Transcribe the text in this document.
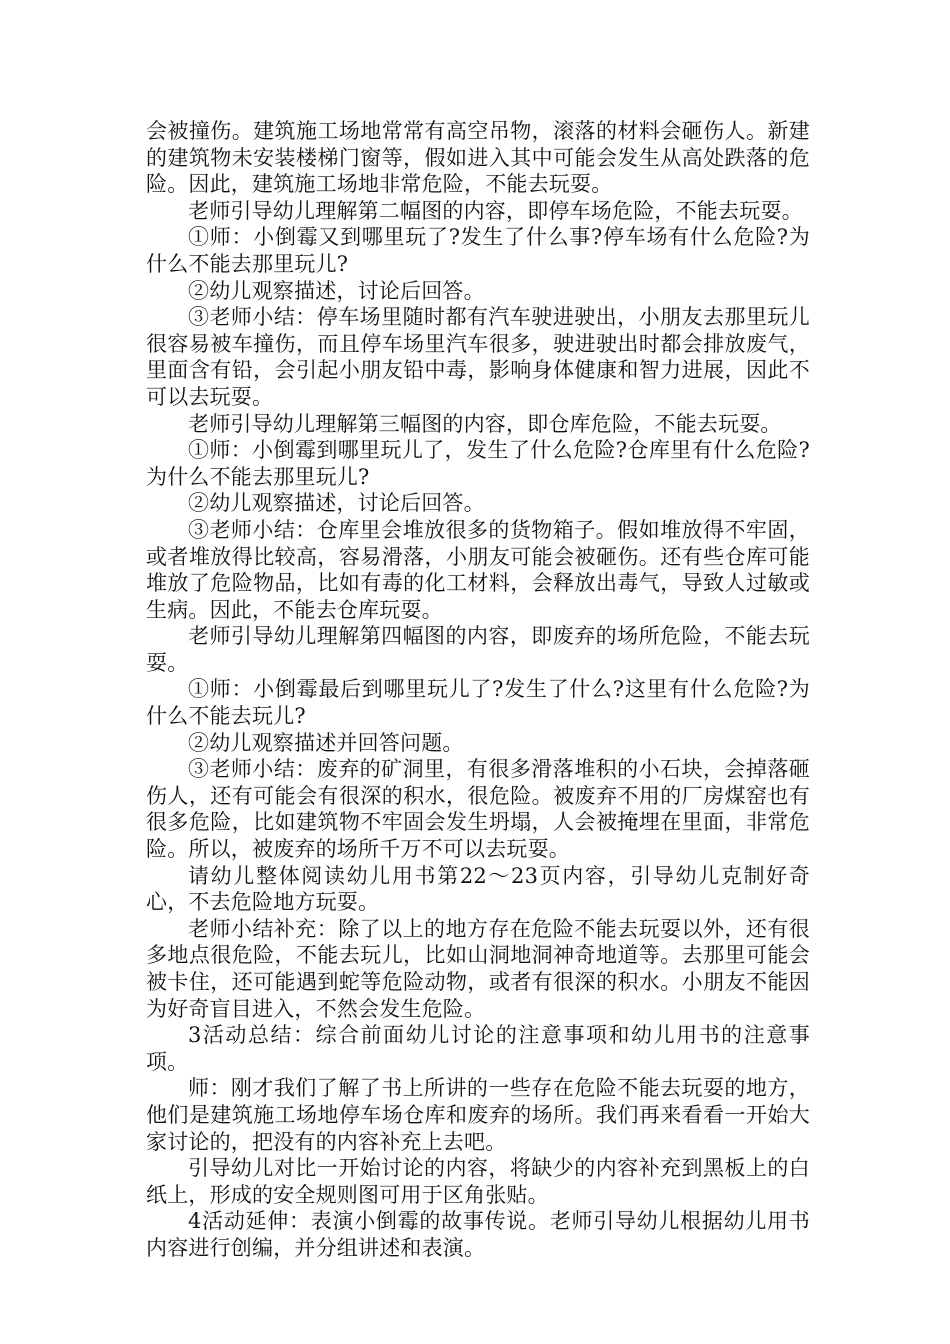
会被撞伤。建筑施工场地常常有高空吊物，滚落的材料会砸伤人。新建的建筑物未安装楼梯门窗等，假如进入其中可能会发生从高处跌落的危险。因此，建筑施工场地非常危险，不能去玩耍。

老师引导幼儿理解第二幅图的内容，即停车场危险，不能去玩耍。

①师：小倒霉又到哪里玩了?发生了什么事?停车场有什么危险?为什么不能去那里玩儿?

②幼儿观察描述，讨论后回答。

③老师小结：停车场里随时都有汽车驶进驶出，小朋友去那里玩儿很容易被车撞伤，而且停车场里汽车很多，驶进驶出时都会排放废气，里面含有铅，会引起小朋友铅中毒，影响身体健康和智力进展，因此不可以去玩耍。

老师引导幼儿理解第三幅图的内容，即仓库危险，不能去玩耍。

①师：小倒霉到哪里玩儿了，发生了什么危险?仓库里有什么危险?为什么不能去那里玩儿?

②幼儿观察描述，讨论后回答。

③老师小结：仓库里会堆放很多的货物箱子。假如堆放得不牢固，或者堆放得比较高，容易滑落，小朋友可能会被砸伤。还有些仓库可能堆放了危险物品，比如有毒的化工材料，会释放出毒气，导致人过敏或生病。因此，不能去仓库玩耍。

老师引导幼儿理解第四幅图的内容，即废弃的场所危险，不能去玩耍。

①师：小倒霉最后到哪里玩儿了?发生了什么?这里有什么危险?为什么不能去玩儿?

②幼儿观察描述并回答问题。

③老师小结：废弃的矿洞里，有很多滑落堆积的小石块，会掉落砸伤人，还有可能会有很深的积水，很危险。被废弃不用的厂房煤窑也有很多危险，比如建筑物不牢固会发生坍塌，人会被掩埋在里面，非常危险。所以，被废弃的场所千万不可以去玩耍。

请幼儿整体阅读幼儿用书第22～23页内容，引导幼儿克制好奇心，不去危险地方玩耍。

老师小结补充：除了以上的地方存在危险不能去玩耍以外，还有很多地点很危险，不能去玩儿，比如山洞地洞神奇地道等。去那里可能会被卡住，还可能遇到蛇等危险动物，或者有很深的积水。小朋友不能因为好奇盲目进入，不然会发生危险。

3活动总结：综合前面幼儿讨论的注意事项和幼儿用书的注意事项。

师：刚才我们了解了书上所讲的一些存在危险不能去玩耍的地方，他们是建筑施工场地停车场仓库和废弃的场所。我们再来看看一开始大家讨论的，把没有的内容补充上去吧。

引导幼儿对比一开始讨论的内容，将缺少的内容补充到黑板上的白纸上，形成的安全规则图可用于区角张贴。

4活动延伸：表演小倒霉的故事传说。老师引导幼儿根据幼儿用书内容进行创编，并分组讲述和表演。
